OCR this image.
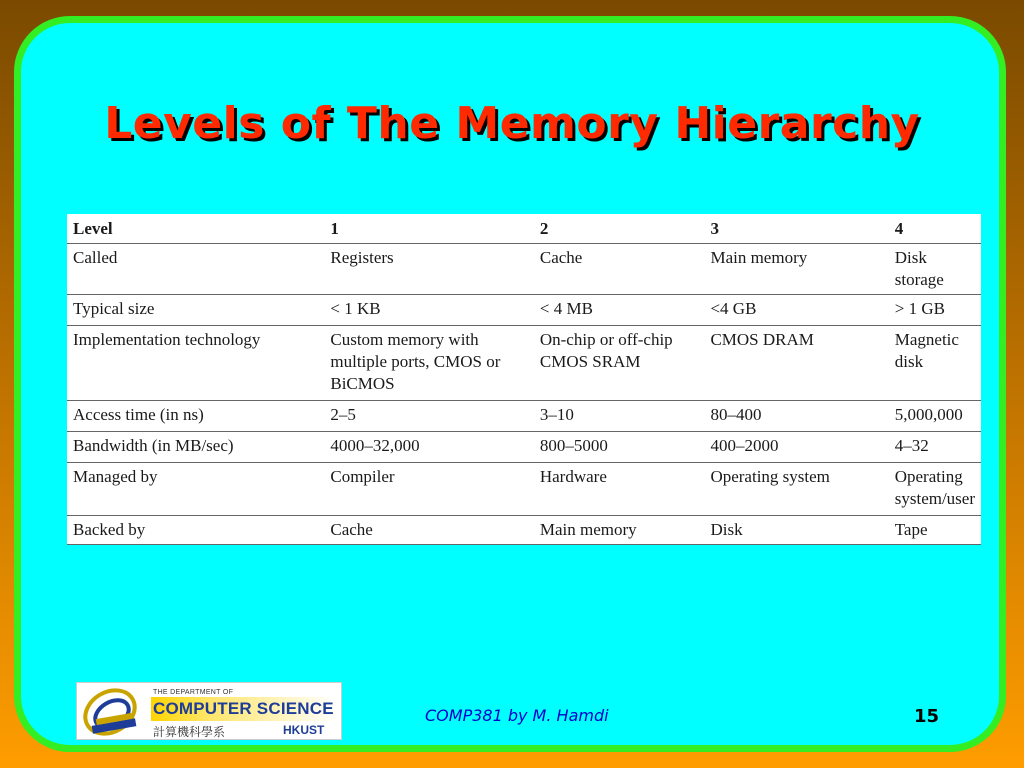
Levels of The Memory Hierarchy
Level	1	2	3	4
Called	Registers	Cache	Main memory	Disk storage
Typical size	< 1 KB	< 4 MB	<4 GB	> 1 GB
Implementation technology	Custom memory with multiple ports, CMOS or BiCMOS	On-chip or off-chip CMOS SRAM	CMOS DRAM	Magnetic disk
Access time (in ns)	2–5	3–10	80–400	5,000,000
Bandwidth (in MB/sec)	4000–32,000	800–5000	400–2000	4–32
Managed by	Compiler	Hardware	Operating system	Operating system/user
Backed by	Cache	Main memory	Disk	Tape
THE DEPARTMENT OF
COMPUTER SCIENCE
計算機科學系	HKUST
COMP381 by M. Hamdi	15
